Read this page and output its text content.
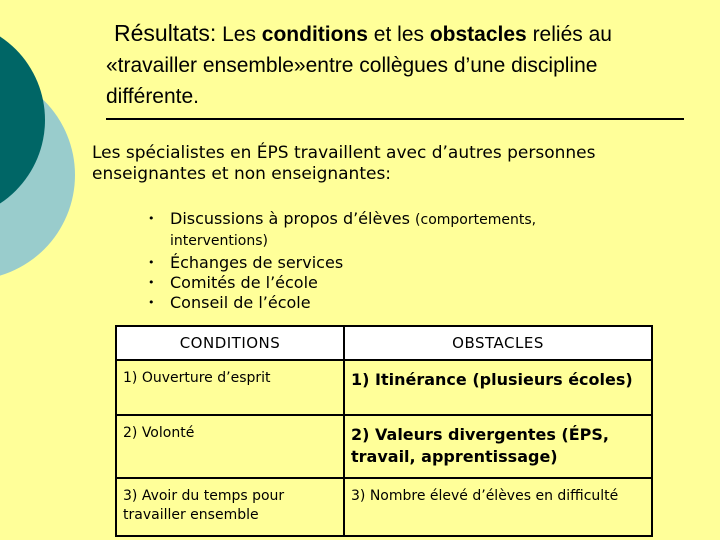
Résultats: Les conditions et les obstacles reliés au
«travailler ensemble»entre collègues d’une discipline
différente.
Les spécialistes en ÉPS travaillent avec d’autres personnes enseignantes et non enseignantes:
• Discussions à propos d’élèves (comportements, interventions)
• Échanges de services
• Comités de l’école
• Conseil de l’école
CONDITIONS	OBSTACLES
1) Ouverture d’esprit	1) Itinérance (plusieurs écoles)
2) Volonté	2) Valeurs divergentes (ÉPS, travail, apprentissage)
3) Avoir du temps pour travailler ensemble	3) Nombre élevé d’élèves en difficulté
